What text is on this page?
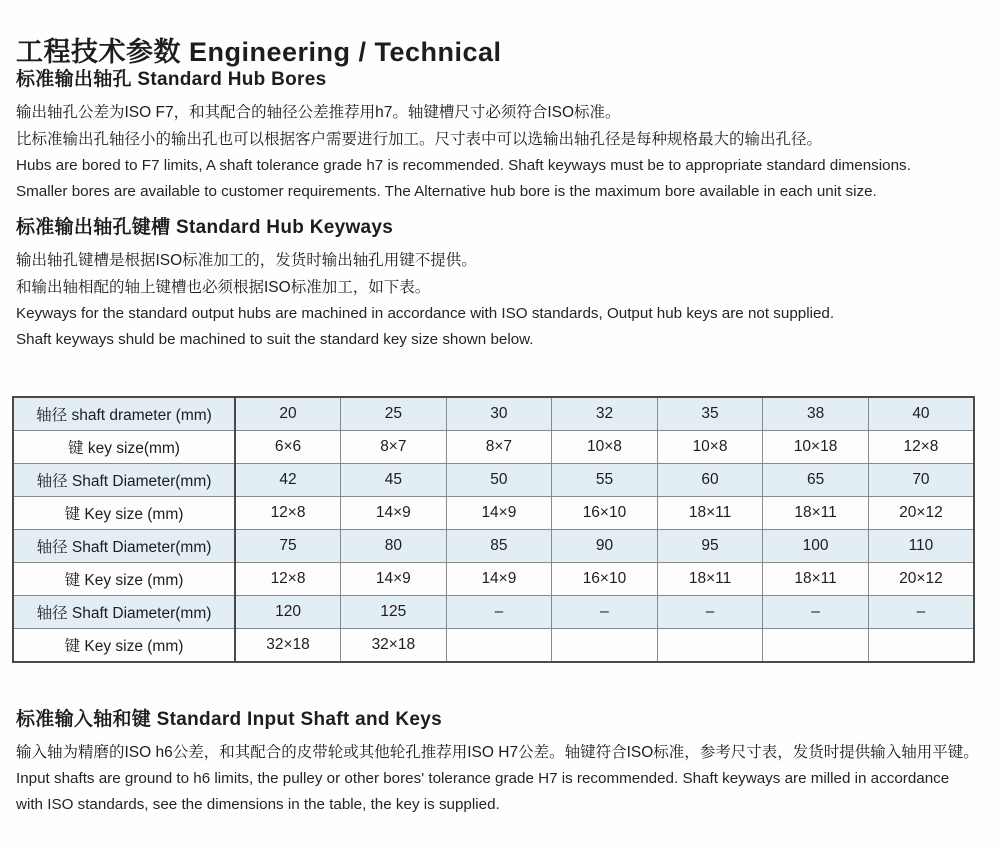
工程技术参数 Engineering / Technical
标准输出轴孔 Standard Hub Bores

输出轴孔公差为ISO F7，和其配合的轴径公差推荐用h7。轴键槽尺寸必须符合ISO标准。

比标准输出孔轴径小的输出孔也可以根据客户需要进行加工。尺寸表中可以选输出轴孔径是每种规格最大的输出孔径。

Hubs are bored to F7 limits, A shaft tolerance grade h7 is recommended. Shaft keyways must be to appropriate standard dimensions.

Smaller bores are available to customer requirements. The Alternative hub bore is the maximum bore available in each unit size.

标准输出轴孔键槽 Standard Hub Keyways

输出轴孔键槽是根据ISO标准加工的，发货时输出轴孔用键不提供。

和输出轴相配的轴上键槽也必须根据ISO标准加工，如下表。

Keyways for the standard output hubs are machined in accordance with ISO standards, Output hub keys are not supplied.

Shaft keyways shuld be machined to suit the standard key size shown below.

轴径 shaft drameter (mm)	20	25	30	32	35	38	40
键 key size(mm)	6×6	8×7	8×7	10×8	10×8	10×18	12×8
轴径 Shaft Diameter(mm)	42	45	50	55	60	65	70
键 Key size (mm)	12×8	14×9	14×9	16×10	18×11	18×11	20×12
轴径 Shaft Diameter(mm)	75	80	85	90	95	100	110
键 Key size (mm)	12×8	14×9	14×9	16×10	18×11	18×11	20×12
轴径 Shaft Diameter(mm)	120	125	–	–	–	–	–
键 Key size (mm)	32×18	32×18					
标准输入轴和键 Standard Input Shaft and Keys

输入轴为精磨的ISO h6公差，和其配合的皮带轮或其他轮孔推荐用ISO H7公差。轴键符合ISO标准，参考尺寸表，发货时提供输入轴用平键。

Input shafts are ground to h6 limits, the pulley or other bores' tolerance grade H7 is recommended. Shaft keyways are milled in accordance

with ISO standards, see the dimensions in the table, the key is supplied.
